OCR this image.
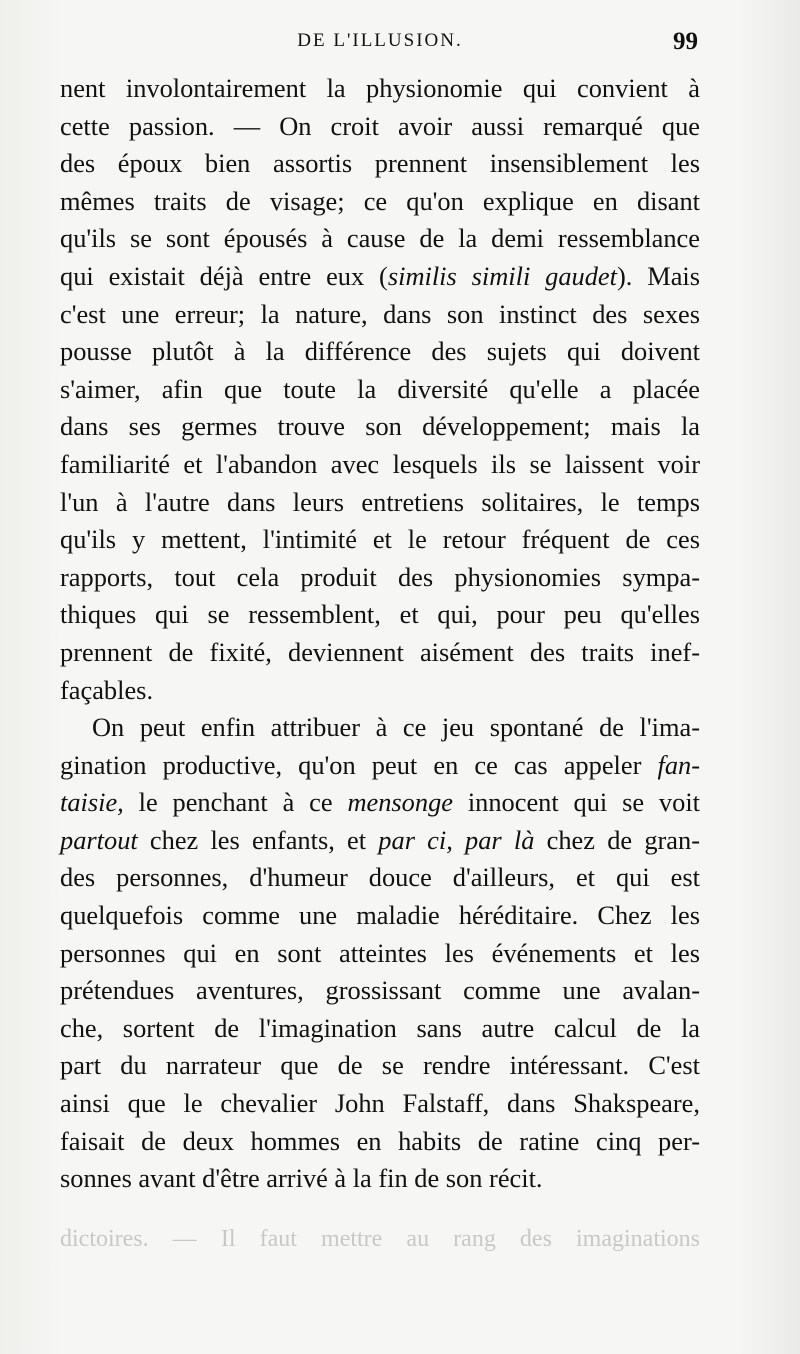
DE L'ILLUSION.	99
nent involontairement la physionomie qui convient à
cette passion. — On croit avoir aussi remarqué que
des époux bien assortis prennent insensiblement les
mêmes traits de visage; ce qu'on explique en disant
qu'ils se sont épousés à cause de la demi ressemblance
qui existait déjà entre eux (similis simili gaudet). Mais
c'est une erreur; la nature, dans son instinct des sexes
pousse plutôt à la différence des sujets qui doivent
s'aimer, afin que toute la diversité qu'elle a placée
dans ses germes trouve son développement; mais la
familiarité et l'abandon avec lesquels ils se laissent voir
l'un à l'autre dans leurs entretiens solitaires, le temps
qu'ils y mettent, l'intimité et le retour fréquent de ces
rapports, tout cela produit des physionomies sympa-
thiques qui se ressemblent, et qui, pour peu qu'elles
prennent de fixité, deviennent aisément des traits inef-
façables.
On peut enfin attribuer à ce jeu spontané de l'ima-
gination productive, qu'on peut en ce cas appeler fan-
taisie, le penchant à ce mensonge innocent qui se voit
partout chez les enfants, et par ci, par là chez de gran-
des personnes, d'humeur douce d'ailleurs, et qui est
quelquefois comme une maladie héréditaire. Chez les
personnes qui en sont atteintes les événements et les
prétendues aventures, grossissant comme une avalan-
che, sortent de l'imagination sans autre calcul de la
part du narrateur que de se rendre intéressant. C'est
ainsi que le chevalier John Falstaff, dans Shakspeare,
faisait de deux hommes en habits de ratine cinq per-
sonnes avant d'être arrivé à la fin de son récit.
dictoires. — Il faut mettre au rang des imaginations
